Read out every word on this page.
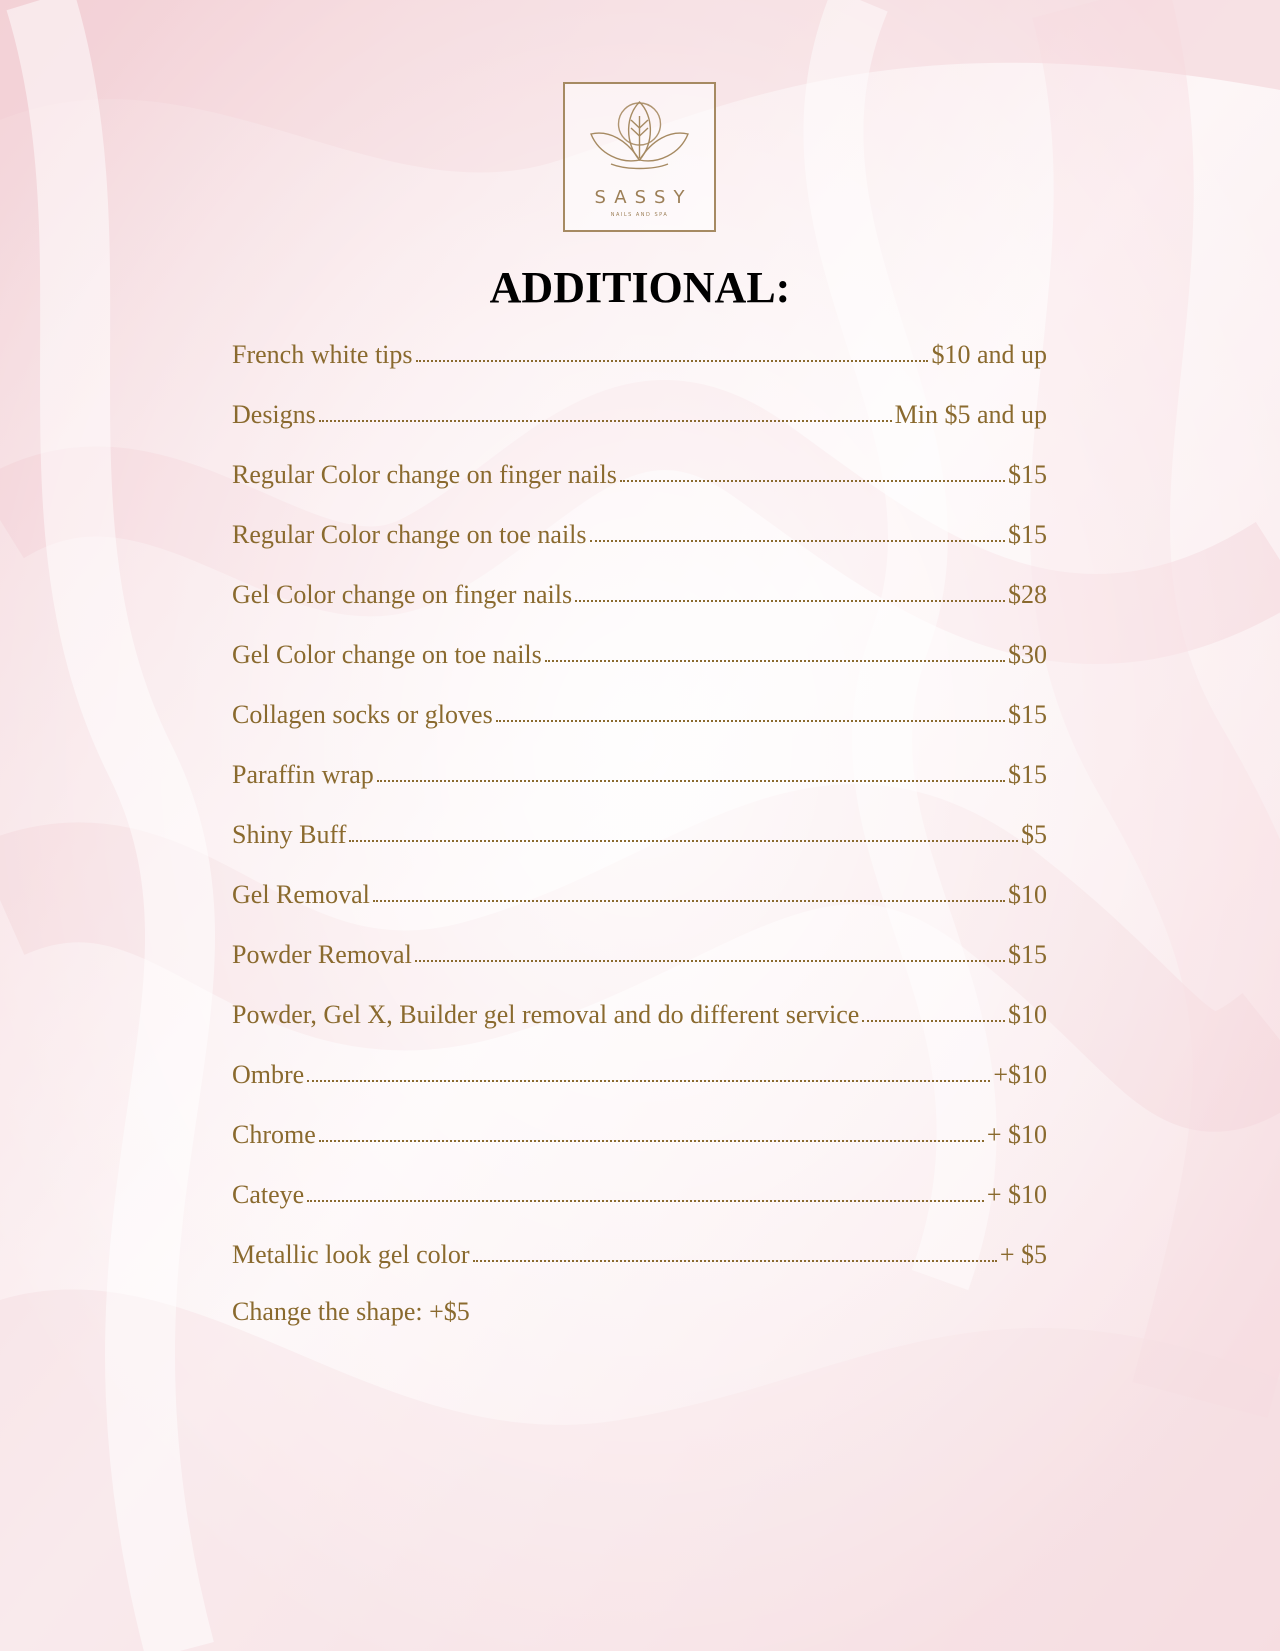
SASSY
NAILS AND SPA
ADDITIONAL:
French white tips	$10 and up
Designs	Min $5 and up
Regular Color change on finger nails	$15
Regular Color change on toe nails	$15
Gel Color change on finger nails	$28
Gel Color change on toe nails	$30
Collagen socks or gloves	$15
Paraffin wrap	$15
Shiny Buff	$5
Gel Removal	$10
Powder Removal	$15
Powder, Gel X, Builder gel removal and do different service	$10
Ombre	+$10
Chrome	+ $10
Cateye	+ $10
Metallic look gel color	+ $5
Change the shape: +$5
